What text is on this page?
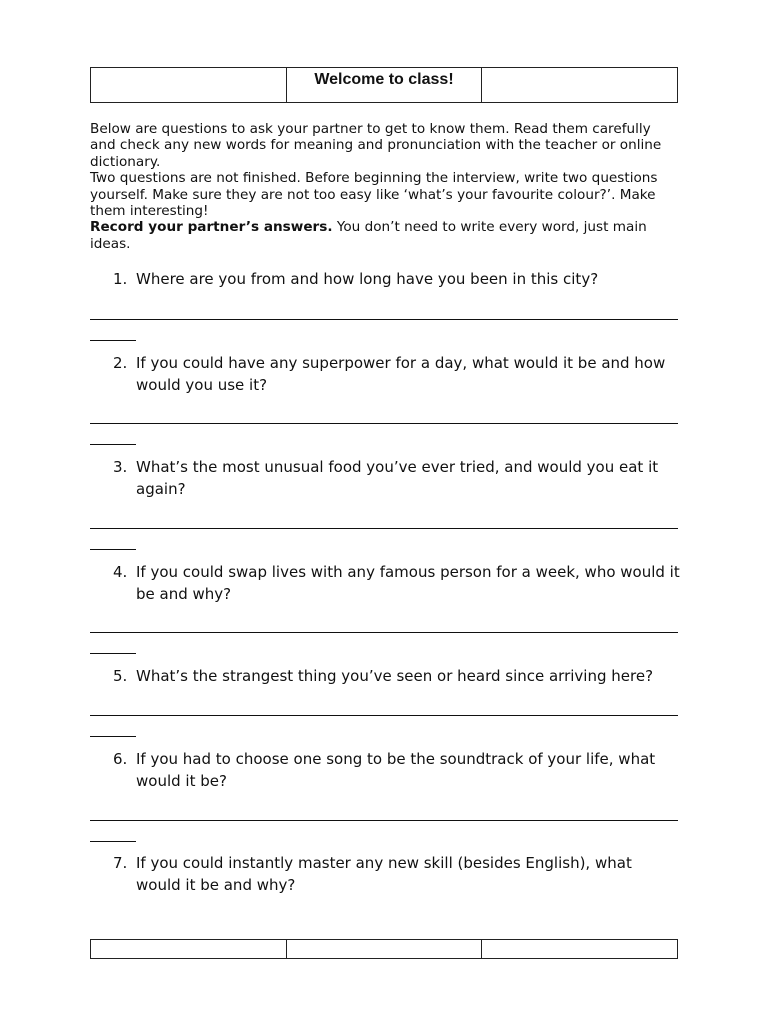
Welcome to class!

Below are questions to ask your partner to get to know them. Read them carefully and check any new words for meaning and pronunciation with the teacher or online dictionary.

Two questions are not finished. Before beginning the interview, write two questions yourself. Make sure they are not too easy like ‘what’s your favourite colour?’. Make them interesting!

Record your partner’s answers. You don’t need to write every word, just main ideas.

1. Where are you from and how long have you been in this city?
2. If you could have any superpower for a day, what would it be and how would you use it?
3. What’s the most unusual food you’ve ever tried, and would you eat it again?
4. If you could swap lives with any famous person for a week, who would it be and why?
5. What’s the strangest thing you’ve seen or heard since arriving here?
6. If you had to choose one song to be the soundtrack of your life, what would it be?
7. If you could instantly master any new skill (besides English), what would it be and why?
